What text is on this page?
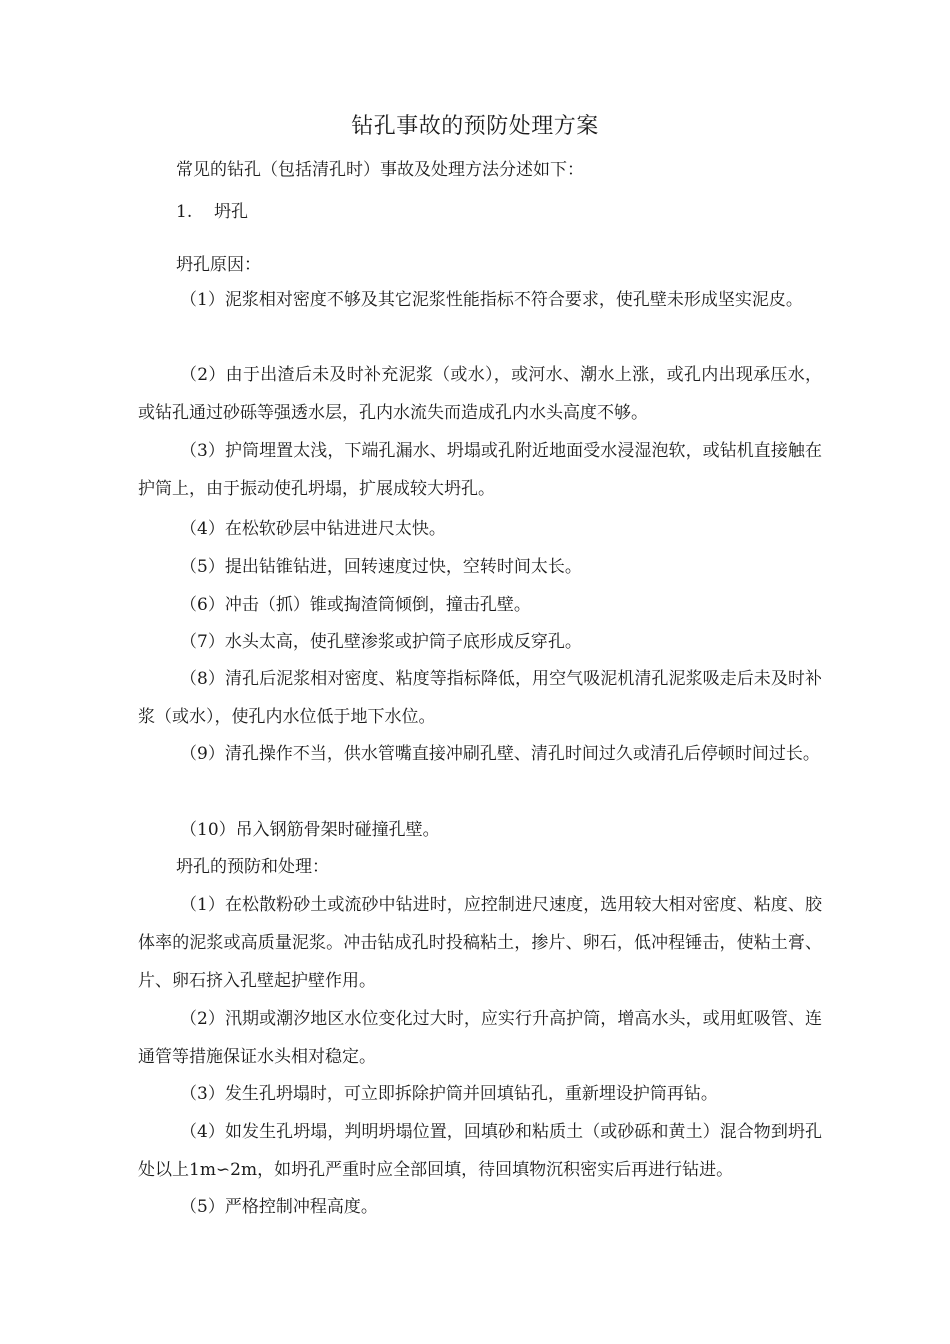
钻孔事故的预防处理方案
常见的钻孔（包括清孔时）事故及处理方法分述如下：
1. 坍孔
坍孔原因：
（1）泥浆相对密度不够及其它泥浆性能指标不符合要求，使孔壁未形成坚实泥皮。
（2）由于出渣后未及时补充泥浆（或水），或河水、潮水上涨，或孔内出现承压水，或钻孔通过砂砾等强透水层，孔内水流失而造成孔内水头高度不够。
（3）护筒埋置太浅，下端孔漏水、坍塌或孔附近地面受水浸湿泡软，或钻机直接触在护筒上，由于振动使孔坍塌，扩展成较大坍孔。
（4）在松软砂层中钻进进尺太快。
（5）提出钻锥钻进，回转速度过快，空转时间太长。
（6）冲击（抓）锥或掏渣筒倾倒，撞击孔壁。
（7）水头太高，使孔壁渗浆或护筒子底形成反穿孔。
（8）清孔后泥浆相对密度、粘度等指标降低，用空气吸泥机清孔泥浆吸走后未及时补浆（或水），使孔内水位低于地下水位。
（9）清孔操作不当，供水管嘴直接冲刷孔壁、清孔时间过久或清孔后停顿时间过长。
（10）吊入钢筋骨架时碰撞孔壁。
坍孔的预防和处理：
（1）在松散粉砂土或流砂中钻进时，应控制进尺速度，选用较大相对密度、粘度、胶体率的泥浆或高质量泥浆。冲击钻成孔时投稿粘土，掺片、卵石，低冲程锤击，使粘土膏、片、卵石挤入孔壁起护壁作用。
（2）汛期或潮汐地区水位变化过大时，应实行升高护筒，增高水头，或用虹吸管、连通管等措施保证水头相对稳定。
（3）发生孔坍塌时，可立即拆除护筒并回填钻孔，重新埋设护筒再钻。
（4）如发生孔坍塌，判明坍塌位置，回填砂和粘质土（或砂砾和黄土）混合物到坍孔处以上1m∽2m，如坍孔严重时应全部回填，待回填物沉积密实后再进行钻进。
（5）严格控制冲程高度。
